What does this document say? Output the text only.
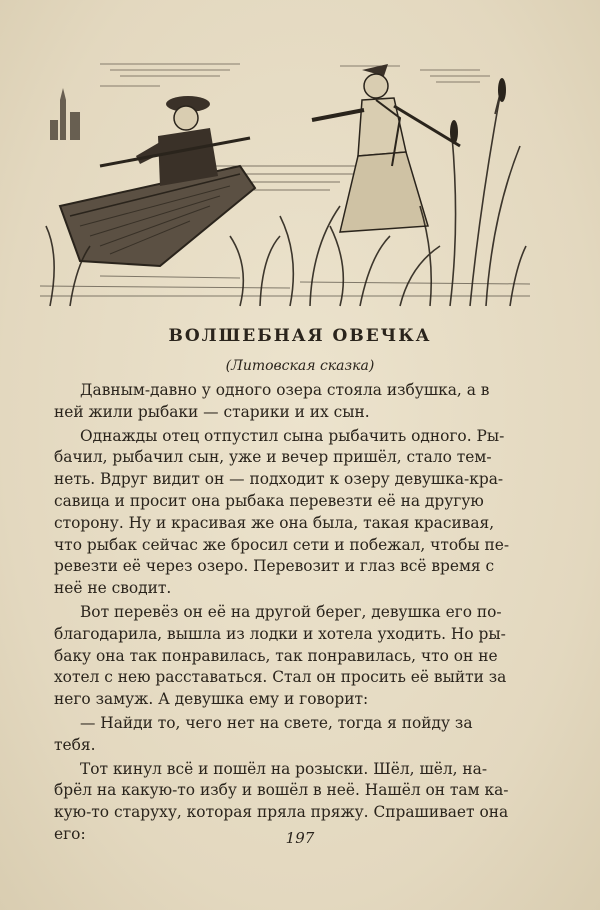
ВОЛШЕБНАЯ ОВЕЧКА
(Литовская сказка)
Давным-давно у одного озера стояла избушка, а в
ней жили рыбаки — старики и их сын.
Однажды отец отпустил сына рыбачить одного. Ры-
бачил, рыбачил сын, уже и вечер пришёл, стало тем-
неть. Вдруг видит он — подходит к озеру девушка-кра-
савица и просит она рыбака перевезти её на другую
сторону. Ну и красивая же она была, такая красивая,
что рыбак сейчас же бросил сети и побежал, чтобы пе-
ревезти её через озеро. Перевозит и глаз всё время с
неё не сводит.
Вот перевёз он её на другой берег, девушка его по-
благодарила, вышла из лодки и хотела уходить. Но ры-
баку она так понравилась, так понравилась, что он не
хотел с нею расставаться. Стал он просить её выйти за
него замуж. А девушка ему и говорит:
— Найди то, чего нет на свете, тогда я пойду за
тебя.
Тот кинул всё и пошёл на розыски. Шёл, шёл, на-
брёл на какую-то избу и вошёл в неё. Нашёл он там ка-
кую-то старуху, которая пряла пряжу. Спрашивает она
его:	197
